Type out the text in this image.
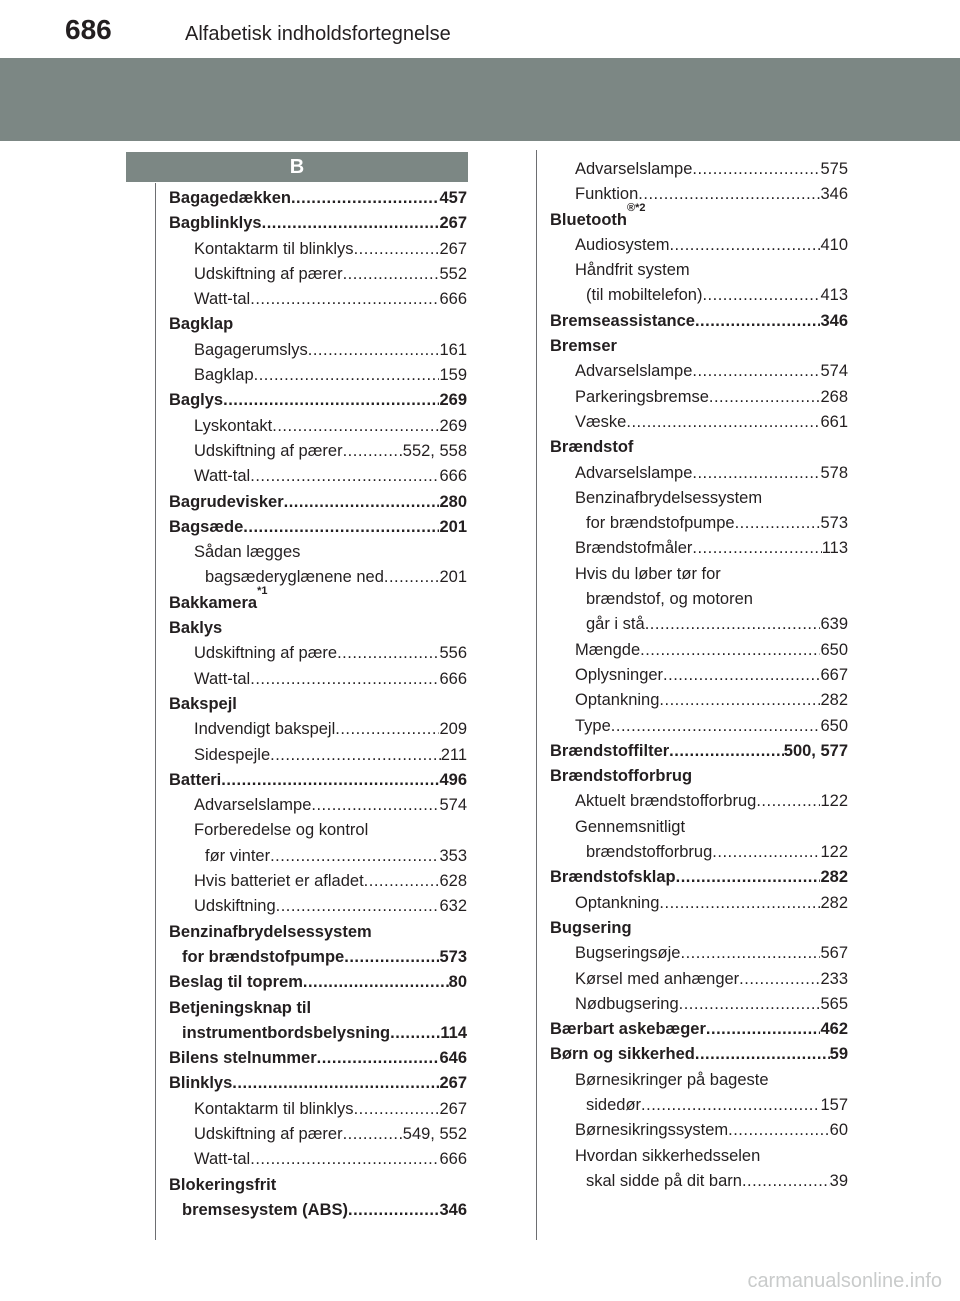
686	Alfabetisk indholdsfortegnelse
B
Bagagedækken .....	457
Bagblinklys .....	267
Kontaktarm til blinklys .....	267
Udskiftning af pærer .....	552
Watt-tal .....	666
Bagklap
Bagagerumslys .....	161
Bagklap .....	159
Baglys .....	269
Lyskontakt .....	269
Udskiftning af pærer .....	552, 558
Watt-tal .....	666
Bagrudevisker .....	280
Bagsæde .....	201
Sådan lægges
bagsæderyglænene ned .....	201
Bakkamera
*1
Baklys
Udskiftning af pære .....	556
Watt-tal .....	666
Bakspejl
Indvendigt bakspejl .....	209
Sidespejle .....	211
Batteri .....	496
Advarselslampe .....	574
Forberedelse og kontrol
før vinter .....	353
Hvis batteriet er afladet .....	628
Udskiftning .....	632
Benzinafbrydelsessystem
for brændstofpumpe .....	573
Beslag til toprem .....	80
Betjeningsknap til
instrumentbordsbelysning .....	114
Bilens stelnummer .....	646
Blinklys .....	267
Kontaktarm til blinklys .....	267
Udskiftning af pærer .....	549, 552
Watt-tal .....	666
Blokeringsfrit
bremsesystem (ABS) .....	346
Advarselslampe .....	575
Funktion .....	346
Bluetooth
®*2
Audiosystem .....	410
Håndfrit system
(til mobiltelefon) .....	413
Bremseassistance .....	346
Bremser
Advarselslampe .....	574
Parkeringsbremse .....	268
Væske .....	661
Brændstof
Advarselslampe .....	578
Benzinafbrydelsessystem
for brændstofpumpe .....	573
Brændstofmåler .....	113
Hvis du løber tør for
brændstof, og motoren
går i stå .....	639
Mængde .....	650
Oplysninger .....	667
Optankning .....	282
Type .....	650
Brændstoffilter .....	500, 577
Brændstofforbrug
Aktuelt brændstofforbrug .....	122
Gennemsnitligt
brændstofforbrug .....	122
Brændstofsklap .....	282
Optankning .....	282
Bugsering
Bugseringsøje .....	567
Kørsel med anhænger .....	233
Nødbugsering .....	565
Bærbart askebæger .....	462
Børn og sikkerhed .....	59
Børnesikringer på bageste
sidedør .....	157
Børnesikringssystem .....	60
Hvordan sikkerhedsselen
skal sidde på dit barn .....	39
carmanualsonline.info
